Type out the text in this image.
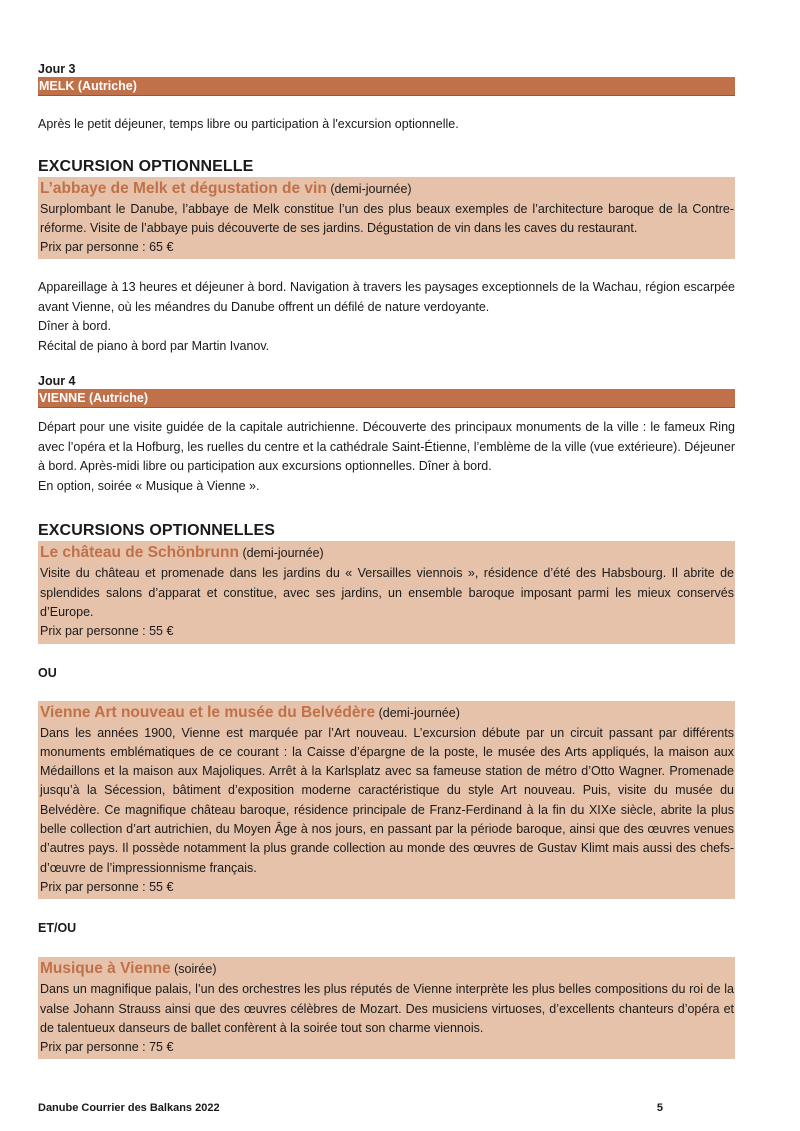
Jour 3
MELK (Autriche)

Après le petit déjeuner, temps libre ou participation à l'excursion optionnelle.

EXCURSION OPTIONNELLE
L’abbaye de Melk et dégustation de vin (demi-journée)

Surplombant le Danube, l’abbaye de Melk constitue l’un des plus beaux exemples de l’architecture baroque de la Contre-réforme. Visite de l’abbaye puis découverte de ses jardins. Dégustation de vin dans les caves du restaurant.

Prix par personne : 65 €

Appareillage à 13 heures et déjeuner à bord. Navigation à travers les paysages exceptionnels de la Wachau, région escarpée avant Vienne, où les méandres du Danube offrent un défilé de nature verdoyante.

Dîner à bord.

Récital de piano à bord par Martin Ivanov.

Jour 4
VIENNE (Autriche)

Départ pour une visite guidée de la capitale autrichienne. Découverte des principaux monuments de la ville : le fameux Ring avec l’opéra et la Hofburg, les ruelles du centre et la cathédrale Saint-Étienne, l’emblème de la ville (vue extérieure). Déjeuner à bord. Après-midi libre ou participation aux excursions optionnelles. Dîner à bord.

En option, soirée « Musique à Vienne ».

EXCURSIONS OPTIONNELLES
Le château de Schönbrunn (demi-journée)

Visite du château et promenade dans les jardins du « Versailles viennois », résidence d’été des Habsbourg. Il abrite de splendides salons d’apparat et constitue, avec ses jardins, un ensemble baroque imposant parmi les mieux conservés d’Europe.

Prix par personne : 55 €

OU
Vienne Art nouveau et le musée du Belvédère (demi-journée)

Dans les années 1900, Vienne est marquée par l’Art nouveau. L’excursion débute par un circuit passant par différents monuments emblématiques de ce courant : la Caisse d’épargne de la poste, le musée des Arts appliqués, la maison aux Médaillons et la maison aux Majoliques. Arrêt à la Karlsplatz avec sa fameuse station de métro d’Otto Wagner. Promenade jusqu’à la Sécession, bâtiment d’exposition moderne caractéristique du style Art nouveau. Puis, visite du musée du Belvédère. Ce magnifique château baroque, résidence principale de Franz-Ferdinand à la fin du XIXe siècle, abrite la plus belle collection d’art autrichien, du Moyen Âge à nos jours, en passant par la période baroque, ainsi que des œuvres venues d’autres pays. Il possède notamment la plus grande collection au monde des œuvres de Gustav Klimt mais aussi des chefs-d’œuvre de l’impressionnisme français.

Prix par personne : 55 €

ET/OU
Musique à Vienne (soirée)

Dans un magnifique palais, l’un des orchestres les plus réputés de Vienne interprète les plus belles compositions du roi de la valse Johann Strauss ainsi que des œuvres célèbres de Mozart. Des musiciens virtuoses, d’excellents chanteurs d’opéra et de talentueux danseurs de ballet confèrent à la soirée tout son charme viennois.

Prix par personne : 75 €

Danube Courrier des Balkans 2022	5
